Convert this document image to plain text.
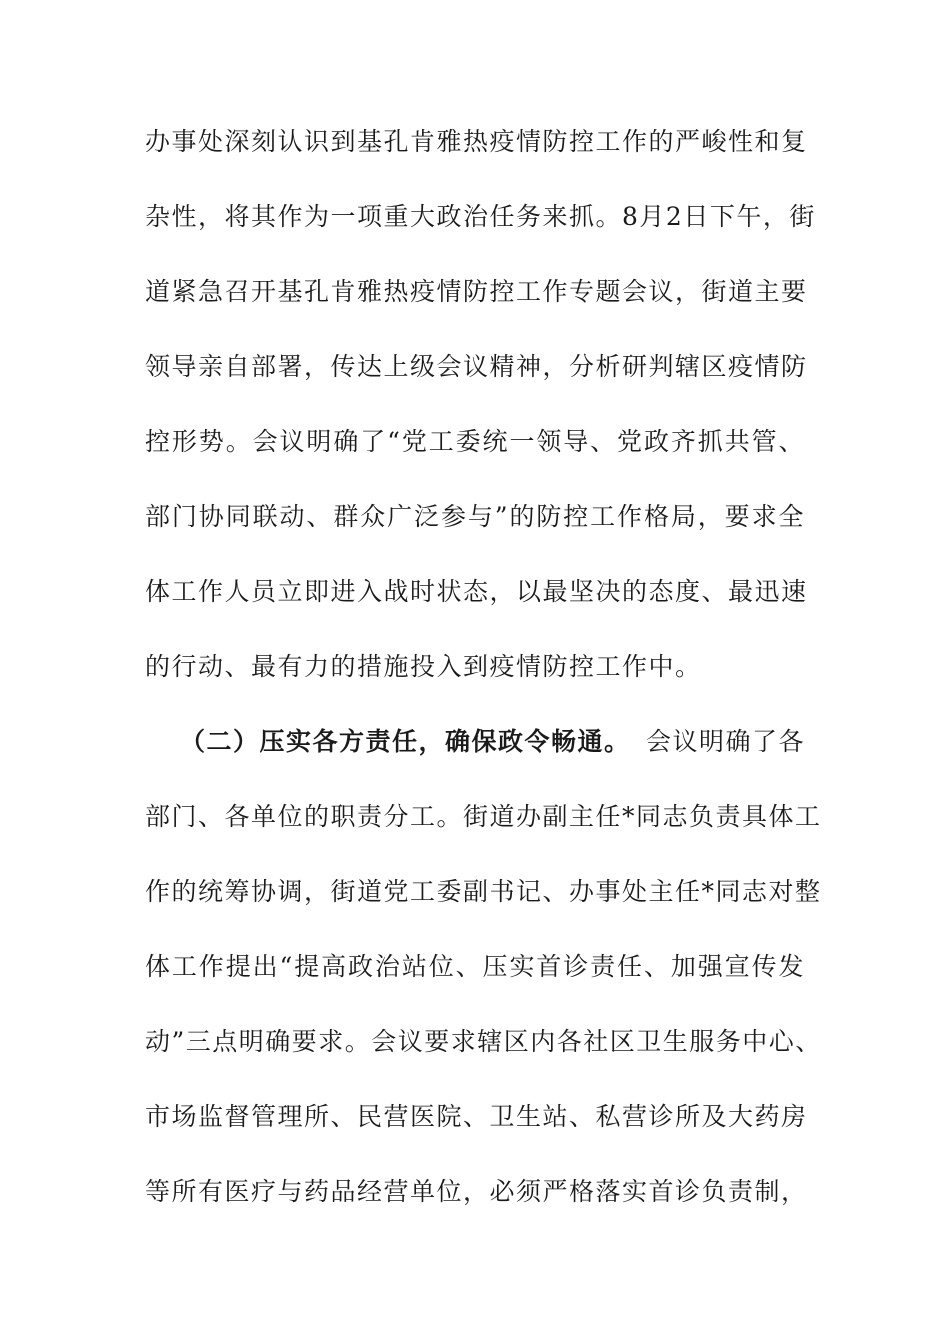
办事处深刻认识到基孔肯雅热疫情防控工作的严峻性和复
杂性，将其作为一项重大政治任务来抓。8月2日下午，街
道紧急召开基孔肯雅热疫情防控工作专题会议，街道主要
领导亲自部署，传达上级会议精神，分析研判辖区疫情防
控形势。会议明确了“党工委统一领导、党政齐抓共管、
部门协同联动、群众广泛参与”的防控工作格局，要求全
体工作人员立即进入战时状态，以最坚决的态度、最迅速
的行动、最有力的措施投入到疫情防控工作中。
（二）压实各方责任，确保政令畅通。 会议明确了各
部门、各单位的职责分工。街道办副主任*同志负责具体工
作的统筹协调，街道党工委副书记、办事处主任*同志对整
体工作提出“提高政治站位、压实首诊责任、加强宣传发
动”三点明确要求。会议要求辖区内各社区卫生服务中心、
市场监督管理所、民营医院、卫生站、私营诊所及大药房
等所有医疗与药品经营单位，必须严格落实首诊负责制，
